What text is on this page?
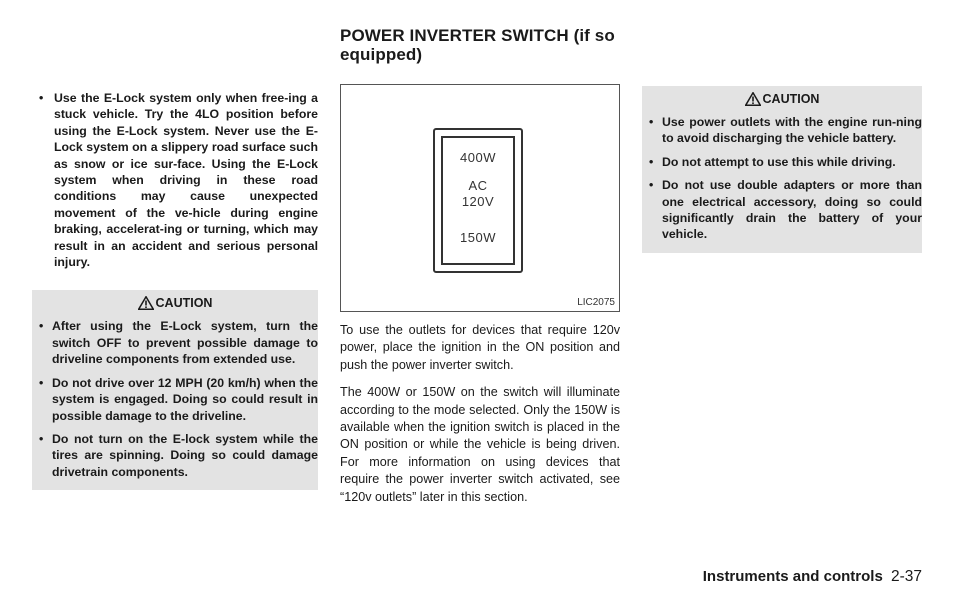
• Use the E-Lock system only when free-ing a stuck vehicle. Try the 4LO position before using the E-Lock system. Never use the E-Lock system on a slippery road surface such as snow or ice sur-face. Using the E-Lock system when driving in these road conditions may cause unexpected movement of the ve-hicle during engine braking, accelerat-ing or turning, which may result in an accident and serious personal injury.
CAUTION
• After using the E-Lock system, turn the switch OFF to prevent possible damage to driveline components from extended use.
• Do not drive over 12 MPH (20 km/h) when the system is engaged. Doing so could result in possible damage to the driveline.
• Do not turn on the E-lock system while the tires are spinning. Doing so could damage drivetrain components.
POWER INVERTER SWITCH (if so
equipped)
400W
AC
120V
150W
LIC2075

To use the outlets for devices that require 120v power, place the ignition in the ON position and push the power inverter switch.

The 400W or 150W on the switch will illuminate according to the mode selected. Only the 150W is available when the ignition switch is placed in the ON position or while the vehicle is being driven. For more information on using devices that require the power inverter switch activated, see “120v outlets” later in this section.

CAUTION
• Use power outlets with the engine run-ning to avoid discharging the vehicle battery.
• Do not attempt to use this while driving.
• Do not use double adapters or more than one electrical accessory, doing so could significantly drain the battery of your vehicle.
Instruments and controls 2-37
